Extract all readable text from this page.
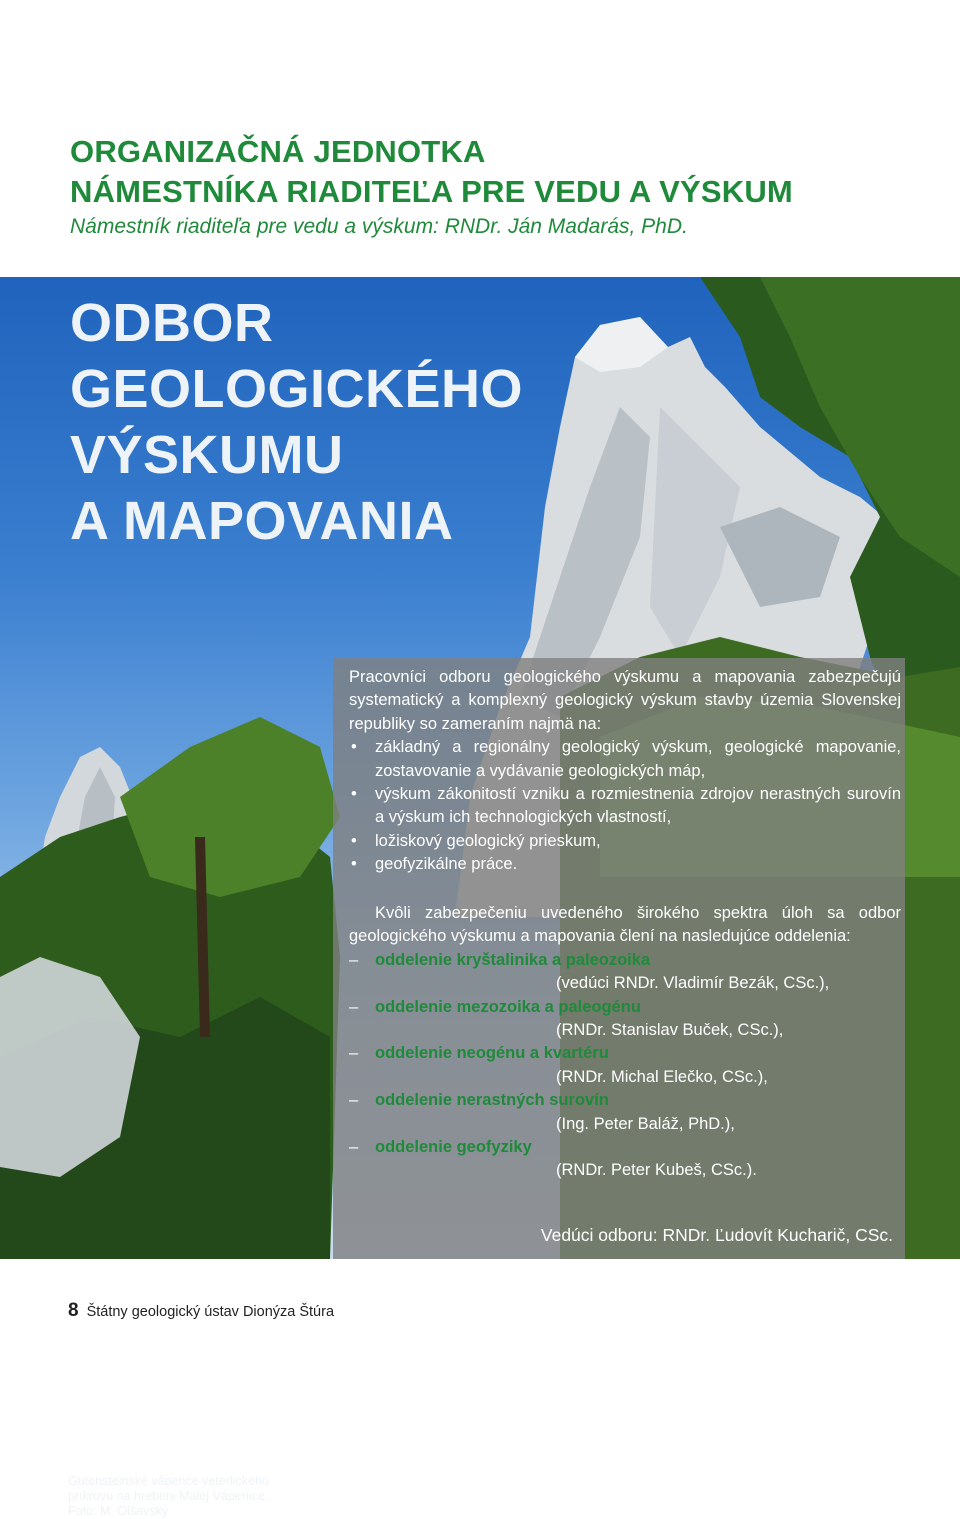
ORGANIZAČNÁ JEDNOTKA
NÁMESTNÍKA RIADITEĽA PRE VEDU A VÝSKUM

Námestník riaditeľa pre vedu a výskum: RNDr. Ján Madarás, PhD.

Gutensteinské vápence veterlického príkrovu na hrebeni Malej Vápenice. Foto: M. Olšavský
ODBOR
GEOLOGICKÉHO
VÝSKUMU
A MAPOVANIA

Pracovníci odboru geologického výskumu a mapovania zabezpečujú systematický a komplexný geologický výskum stavby územia Slovenskej republiky so zameraním najmä na:

• základný a regionálny geologický výskum, geologické mapovanie, zostavovanie a vydávanie geologických máp,
• výskum zákonitostí vzniku a rozmiestnenia zdrojov nerastných surovín a výskum ich technologických vlastností,
• ložiskový geologický prieskum,
• geofyzikálne práce.

Kvôli zabezpečeniu uvedeného širokého spektra úloh sa odbor geologického výskumu a mapovania člení na nasledujúce oddelenia:

– oddelenie kryštalinika a paleozoika
(vedúci RNDr. Vladimír Bezák, CSc.),
– oddelenie mezozoika a paleogénu
(RNDr. Stanislav Buček, CSc.),
– oddelenie neogénu a kvartéru
(RNDr. Michal Elečko, CSc.),
– oddelenie nerastných surovín
(Ing. Peter Baláž, PhD.),
– oddelenie geofyziky
(RNDr. Peter Kubeš, CSc.).
Vedúci odboru: RNDr. Ľudovít Kucharič, CSc.
8 Štátny geologický ústav Dionýza Štúra
